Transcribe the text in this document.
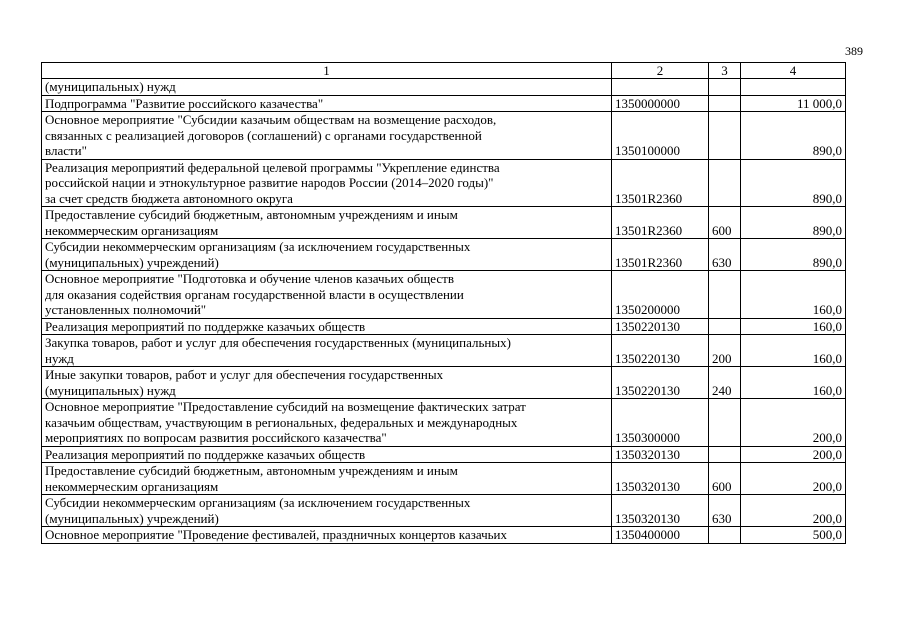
389
1	2	3	4
(муниципальных) нужд			
Подпрограмма "Развитие российского казачества"	1350000000		11 000,0
Основное мероприятие "Субсидии казачьим обществам на возмещение расходов,
связанных с реализацией договоров (соглашений) с органами государственной
власти"	1350100000		890,0
Реализация мероприятий федеральной целевой программы "Укрепление единства
российской нации и этнокультурное развитие народов России (2014–2020 годы)"
за счет средств бюджета автономного округа	13501R2360		890,0
Предоставление субсидий бюджетным, автономным учреждениям и иным
некоммерческим организациям	13501R2360	600	890,0
Субсидии некоммерческим организациям (за исключением государственных
(муниципальных) учреждений)	13501R2360	630	890,0
Основное мероприятие "Подготовка и обучение членов казачьих обществ
для оказания содействия органам государственной власти в осуществлении
установленных полномочий"	1350200000		160,0
Реализация мероприятий по поддержке казачьих обществ	1350220130		160,0
Закупка товаров, работ и услуг для обеспечения государственных (муниципальных)
нужд	1350220130	200	160,0
Иные закупки товаров, работ и услуг для обеспечения государственных
(муниципальных) нужд	1350220130	240	160,0
Основное мероприятие "Предоставление субсидий на возмещение фактических затрат
казачьим обществам, участвующим в региональных, федеральных и международных
мероприятиях по вопросам развития российского казачества"	1350300000		200,0
Реализация мероприятий по поддержке казачьих обществ	1350320130		200,0
Предоставление субсидий бюджетным, автономным учреждениям и иным
некоммерческим организациям	1350320130	600	200,0
Субсидии некоммерческим организациям (за исключением государственных
(муниципальных) учреждений)	1350320130	630	200,0
Основное мероприятие "Проведение фестивалей, праздничных концертов казачьих	1350400000		500,0
